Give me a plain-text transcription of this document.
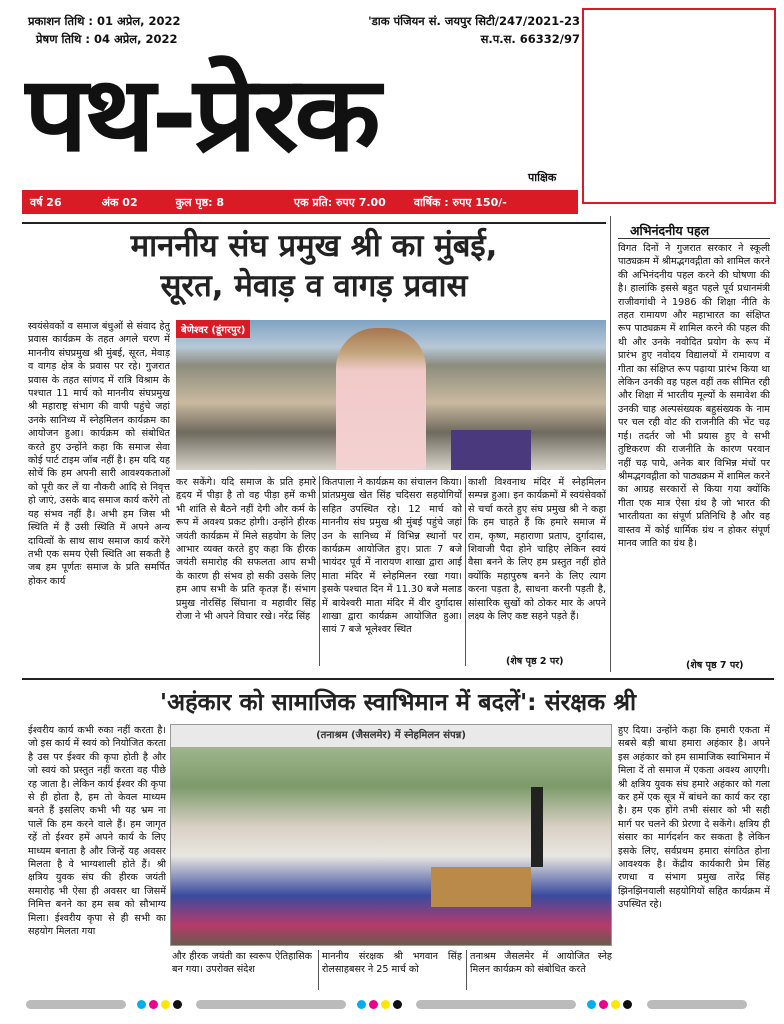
प्रकाशन तिथि : 01 अप्रेल, 2022
प्रेषण तिथि : 04 अप्रेल, 2022
'डाक पंजियन सं. जयपुर सिटी/247/2021-23
स.प.स. 66332/97
पथ-प्रेरक
पाक्षिक
वर्ष 26	अंक 02	कुल पृष्ठ: 8	एक प्रति: रुपए 7.00	वार्षिक : रुपए 150/-
माननीय संघ प्रमुख श्री का मुंबई,
सूरत, मेवाड़ व वागड़ प्रवास
स्वयंसेवकों व समाज बंधुओं से संवाद हेतु प्रवास कार्यक्रम के तहत अगले चरण में माननीय संघप्रमुख श्री मुंबई, सूरत, मेवाड़ व वागड़ क्षेत्र के प्रवास पर रहे। गुजरात प्रवास के तहत सांणद में रात्रि विश्राम के पश्चात 11 मार्च को माननीय संघप्रमुख श्री महाराष्ट्र संभाग की वापी पहुंचे जहां उनके सानिध्य में स्नेहमिलन कार्यक्रम का आयोजन हुआ। कार्यक्रम को संबोधित करते हुए उन्होंने कहा कि समाज सेवा कोई पार्ट टाइम जॉब नहीं है। हम यदि यह सोचें कि हम अपनी सारी आवश्यकताओं को पूरी कर लें या नौकरी आदि से निवृत्त हो जाएं, उसके बाद समाज कार्य करेंगे तो यह संभव नहीं है। अभी हम जिस भी स्थिति में हैं उसी स्थिति में अपने अन्य दायित्वों के साथ साथ समाज कार्य करेंगे तभी एक समय ऐसी स्थिति आ सकती है जब हम पूर्णतः समाज के प्रति समर्पित होकर कार्य
बेणेश्वर (डूंगरपुर)
कर सकेंगे। यदि समाज के प्रति हमारे हृदय में पीड़ा है तो वह पीड़ा हमें कभी भी शांति से बैठने नहीं देगी और कर्म के रूप में अवश्य प्रकट होगी। उन्होंने हीरक जयंती कार्यक्रम में मिले सहयोग के लिए आभार व्यक्त करते हुए कहा कि हीरक जयंती समारोह की सफलता आप सभी के कारण ही संभव हो सकी उसके लिए हम आप सभी के प्रति कृतज्ञ हैं। संभाग प्रमुख नोरसिंह सिंघाना व महावीर सिंह रोजा ने भी अपने विचार रखे। नरेंद्र सिंह
कितपाला ने कार्यक्रम का संचालन किया। प्रांतप्रमुख खेत सिंह चदिसरा सहयोगियों सहित उपस्थित रहे। 12 मार्च को माननीय संघ प्रमुख श्री मुंबई पहुंचे जहां उन के सानिध्य में विभिन्न स्थानों पर कार्यक्रम आयोजित हुए। प्रातः 7 बजे भायंदर पूर्व में नारायण शाखा द्वारा आई माता मंदिर में स्नेहमिलन रखा गया। इसके पश्चात दिन में 11.30 बजे मलाड में बायेश्वरी माता मंदिर में वीर दुर्गादास शाखा द्वारा कार्यक्रम आयोजित हुआ। सायं 7 बजे भूलेश्वर स्थित
काशी विश्वनाथ मंदिर में स्नेहमिलन सम्पन्न हुआ। इन कार्यक्रमों में स्वयंसेवकों से चर्चा करते हुए संघ प्रमुख श्री ने कहा कि हम चाहते हैं कि हमारे समाज में राम, कृष्ण, महाराणा प्रताप, दुर्गादास, शिवाजी पैदा होने चाहिए लेकिन स्वयं वैसा बनने के लिए हम प्रस्तुत नहीं होते क्योंकि महापुरुष बनने के लिए त्याग करना पड़ता है, साधना करनी पड़ती है, सांसारिक सुखों को ठोकर मार के अपने लक्ष्य के लिए कष्ट सहने पड़ते हैं।
(शेष पृष्ठ 2 पर)
अभिनंदनीय पहल
विगत दिनों ने गुजरात सरकार ने स्कूली पाठ्यक्रम में श्रीमद्भगवद्गीता को शामिल करने की अभिनंदनीय पहल करने की घोषणा की है। हालांकि इससे बहुत पहले पूर्व प्रधानमंत्री राजीवगांधी ने 1986 की शिक्षा नीति के तहत रामायण और महाभारत का संक्षिप्त रूप पाठ्यक्रम में शामिल करने की पहल की थी और उनके नवोदित प्रयोग के रूप में प्रारंभ हुए नवोदय विद्यालयों में रामायण व गीता का संक्षिप्त रूप पढ़ाया प्रारंभ किया था लेकिन उनकी वह पहल वहीं तक सीमित रही और शिक्षा में भारतीय मूल्यों के समावेश की उनकी चाह अल्पसंख्यक बहुसंख्यक के नाम पर चल रही वोट की राजनीति की भेंट चढ़ गई। तदर्तर जो भी प्रयास हुए वे सभी तुष्टिकरण की राजनीति के कारण परवान नहीं चढ़ पाये, अनेक बार विभिन्न मंचों पर श्रीमद्भगवद्गीता को पाठ्यक्रम में शामिल करने का आग्रह सरकारों से किया गया क्योंकि गीता एक मात्र ऐसा ग्रंथ है जो भारत की भारतीयता का संपूर्ण प्रतिनिधि है और वह वास्तव में कोई धार्मिक ग्रंथ न होकर संपूर्ण मानव जाति का ग्रंथ है।
(शेष पृष्ठ 7 पर)
'अहंकार को सामाजिक स्वाभिमान में बदलें': संरक्षक श्री
ईश्वरीय कार्य कभी रुका नहीं करता है। जो इस कार्य में स्वयं को नियोजित करता है उस पर ईश्वर की कृपा होती है और जो स्वयं को प्रस्तुत नहीं करता वह पीछे रह जाता है। लेकिन कार्य ईश्वर की कृपा से ही होता है, हम तो केवल माध्यम बनते हैं इसलिए कभी भी यह भ्रम ना पालें कि हम करने वाले हैं। हम जागृत रहें तो ईश्वर हमें अपने कार्य के लिए माध्यम बनाता है और जिन्हें यह अवसर मिलता है वे भाग्यशाली होते हैं। श्री क्षत्रिय युवक संघ की हीरक जयंती समारोह भी ऐसा ही अवसर था जिसमें निमित्त बनने का हम सब को सौभाग्य मिला। ईश्वरीय कृपा से ही सभी का सहयोग मिलता गया
(तनाश्रम (जैसलमेर) में स्नेहमिलन संपन्न)
और हीरक जयंती का स्वरूप ऐतिहासिक बन गया। उपरोक्त संदेश
माननीय संरक्षक श्री भगवान सिंह रोलसाहबसर ने 25 मार्च को
तनाश्रम जैसलमेर में आयोजित स्नेह मिलन कार्यक्रम को संबोधित करते
हुए दिया। उन्होंने कहा कि हमारी एकता में सबसे बड़ी बाधा हमारा अहंकार है। अपने इस अहंकार को हम सामाजिक स्वाभिमान में मिला दें तो समाज में एकता अवश्य आएगी। श्री क्षत्रिय युवक संघ हमारे अहंकार को गला कर हमें एक सूत्र में बांधने का कार्य कर रहा है। हम एक होंगे तभी संसार को भी सही मार्ग पर चलने की प्रेरणा दे सकेंगे। क्षत्रिय ही संसार का मार्गदर्शन कर सकता है लेकिन इसके लिए, सर्वप्रथम हमारा संगठित होना आवश्यक है। केंद्रीय कार्यकारी प्रेम सिंह रणधा व संभाग प्रमुख तारेंद्र सिंह झिनझिनयाली सहयोगियों सहित कार्यक्रम में उपस्थित रहे।
